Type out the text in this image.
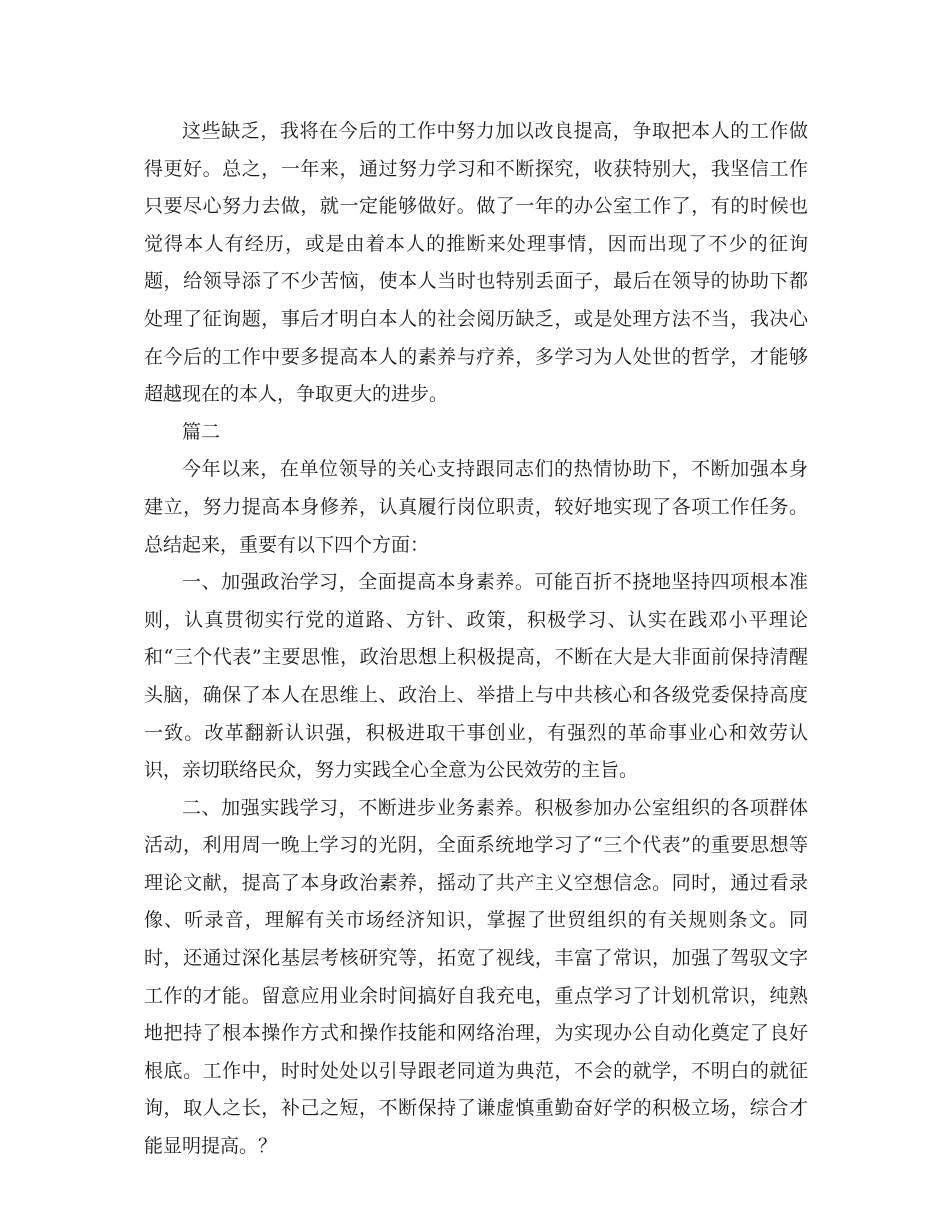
这些缺乏，我将在今后的工作中努力加以改良提高，争取把本人的工作做得更好。总之，一年来，通过努力学习和不断探究，收获特别大，我坚信工作只要尽心努力去做，就一定能够做好。做了一年的办公室工作了，有的时候也觉得本人有经历，或是由着本人的推断来处理事情，因而出现了不少的征询题，给领导添了不少苦恼，使本人当时也特别丢面子，最后在领导的协助下都处理了征询题，事后才明白本人的社会阅历缺乏，或是处理方法不当，我决心在今后的工作中要多提高本人的素养与疗养，多学习为人处世的哲学，才能够超越现在的本人，争取更大的进步。

篇二

今年以来，在单位领导的关心支持跟同志们的热情协助下，不断加强本身建立，努力提高本身修养，认真履行岗位职责，较好地实现了各项工作任务。总结起来，重要有以下四个方面：

一、加强政治学习，全面提高本身素养。可能百折不挠地坚持四项根本准则，认真贯彻实行党的道路、方针、政策，积极学习、认实在践邓小平理论和“三个代表”主要思惟，政治思想上积极提高，不断在大是大非面前保持清醒头脑，确保了本人在思维上、政治上、举措上与中共核心和各级党委保持高度一致。改革翻新认识强，积极进取干事创业，有强烈的革命事业心和效劳认识，亲切联络民众，努力实践全心全意为公民效劳的主旨。

二、加强实践学习，不断进步业务素养。积极参加办公室组织的各项群体活动，利用周一晚上学习的光阴，全面系统地学习了“三个代表”的重要思想等理论文献，提高了本身政治素养，摇动了共产主义空想信念。同时，通过看录像、听录音，理解有关市场经济知识，掌握了世贸组织的有关规则条文。同时，还通过深化基层考核研究等，拓宽了视线，丰富了常识，加强了驾驭文字工作的才能。留意应用业余时间搞好自我充电，重点学习了计划机常识，纯熟地把持了根本操作方式和操作技能和网络治理，为实现办公自动化奠定了良好根底。工作中，时时处处以引导跟老同道为典范，不会的就学，不明白的就征询，取人之长，补己之短，不断保持了谦虚慎重勤奋好学的积极立场，综合才能显明提高。？
